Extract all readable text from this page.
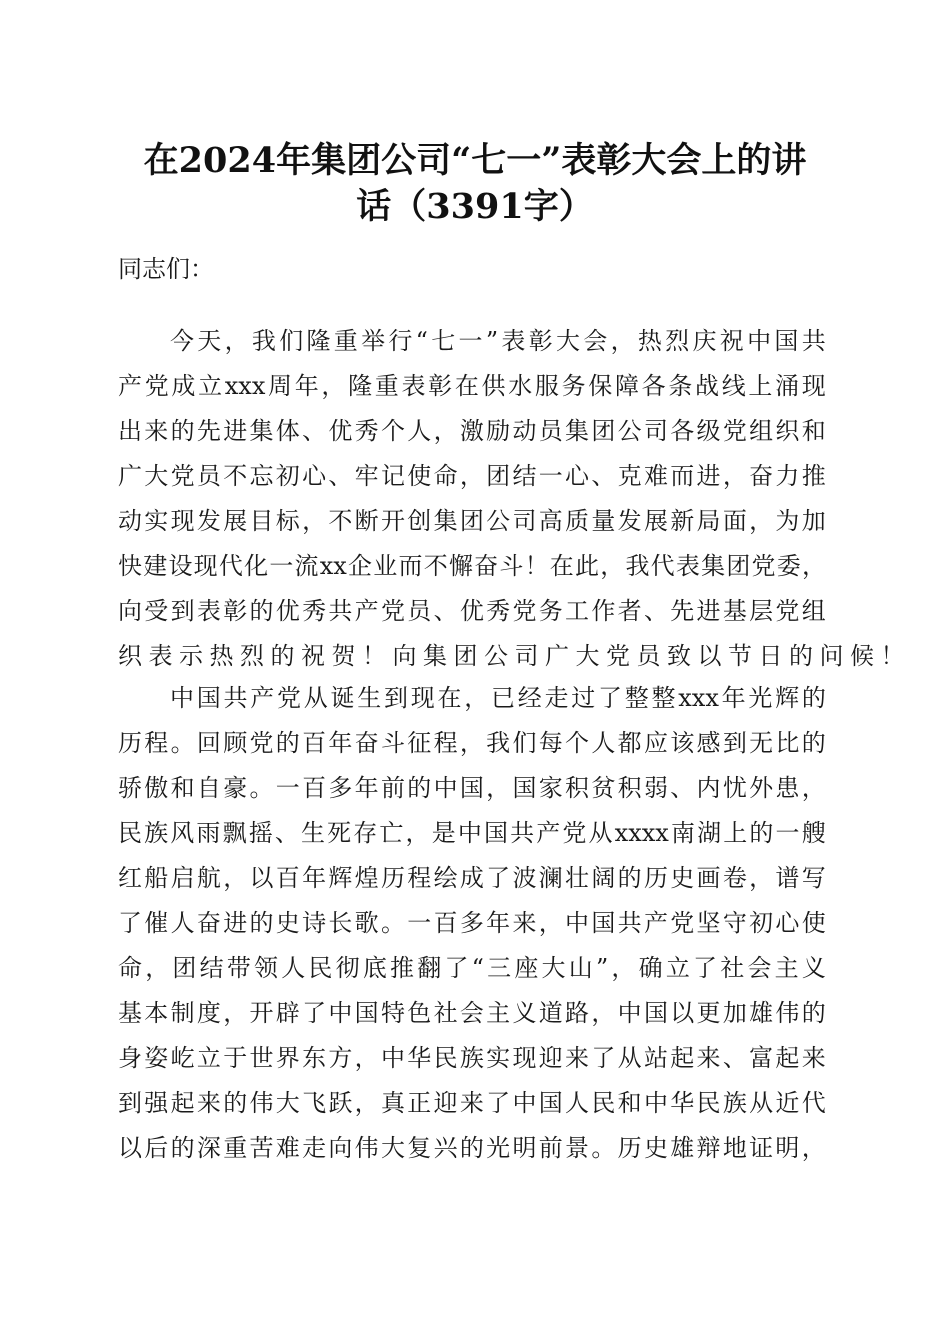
在2024年集团公司“七一”表彰大会上的讲
话（3391字）
同志们：
今 天 ， 我 们 隆 重 举 行 “ 七 一 ” 表 彰 大 会 ， 热 烈 庆 祝 中 国 共
产 党 成 立 xxx 周 年 ， 隆 重 表 彰 在 供 水 服 务 保 障 各 条 战 线 上 涌 现
出 来 的 先 进 集 体 、 优 秀 个 人 ， 激 励 动 员 集 团 公 司 各 级 党 组 织 和
广 大 党 员 不 忘 初 心 、 牢 记 使 命 ， 团 结 一 心 、 克 难 而 进 ， 奋 力 推
动 实 现 发 展 目 标 ， 不 断 开 创 集 团 公 司 高 质 量 发 展 新 局 面 ， 为 加
快 建 设 现 代 化 一 流 xx 企 业 而 不 懈 奋 斗 ！ 在 此 ， 我 代 表 集 团 党 委 ，
向 受 到 表 彰 的 优 秀 共 产 党 员 、 优 秀 党 务 工 作 者 、 先 进 基 层 党 组
织表示热烈的祝贺！向集团公司广大党员致以节日的问候！
中 国 共 产 党 从 诞 生 到 现 在 ， 已 经 走 过 了 整 整 xxx 年 光 辉 的
历 程 。 回 顾 党 的 百 年 奋 斗 征 程 ， 我 们 每 个 人 都 应 该 感 到 无 比 的
骄 傲 和 自 豪 。 一 百 多 年 前 的 中 国 ， 国 家 积 贫 积 弱 、 内 忧 外 患 ，
民 族 风 雨 飘 摇 、 生 死 存 亡 ， 是 中 国 共 产 党 从 xxxx 南 湖 上 的 一 艘
红 船 启 航 ， 以 百 年 辉 煌 历 程 绘 成 了 波 澜 壮 阔 的 历 史 画 卷 ， 谱 写
了 催 人 奋 进 的 史 诗 长 歌 。 一 百 多 年 来 ， 中 国 共 产 党 坚 守 初 心 使
命 ， 团 结 带 领 人 民 彻 底 推 翻 了 “ 三 座 大 山 ” ， 确 立 了 社 会 主 义
基 本 制 度 ， 开 辟 了 中 国 特 色 社 会 主 义 道 路 ， 中 国 以 更 加 雄 伟 的
身 姿 屹 立 于 世 界 东 方 ， 中 华 民 族 实 现 迎 来 了 从 站 起 来 、 富 起 来
到 强 起 来 的 伟 大 飞 跃 ， 真 正 迎 来 了 中 国 人 民 和 中 华 民 族 从 近 代
以 后 的 深 重 苦 难 走 向 伟 大 复 兴 的 光 明 前 景 。 历 史 雄 辩 地 证 明 ，
